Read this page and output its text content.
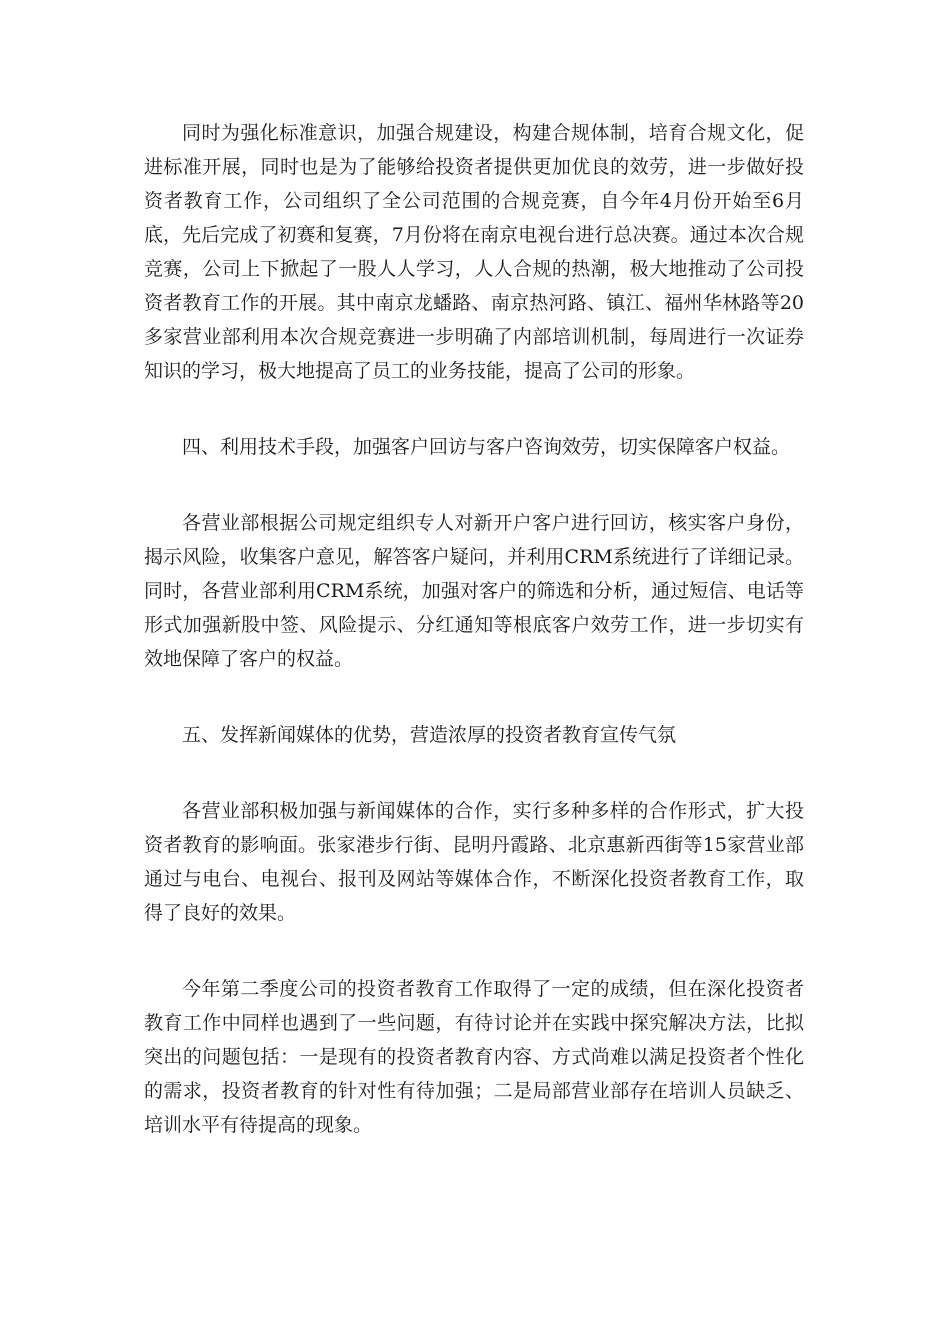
同时为强化标准意识，加强合规建设，构建合规体制，培育合规文化，促进标准开展，同时也是为了能够给投资者提供更加优良的效劳，进一步做好投资者教育工作，公司组织了全公司范围的合规竞赛，自今年4月份开始至6月底，先后完成了初赛和复赛，7月份将在南京电视台进行总决赛。通过本次合规竞赛，公司上下掀起了一股人人学习，人人合规的热潮，极大地推动了公司投资者教育工作的开展。其中南京龙蟠路、南京热河路、镇江、福州华林路等20多家营业部利用本次合规竞赛进一步明确了内部培训机制，每周进行一次证券知识的学习，极大地提高了员工的业务技能，提高了公司的形象。

四、利用技术手段，加强客户回访与客户咨询效劳，切实保障客户权益。

各营业部根据公司规定组织专人对新开户客户进行回访，核实客户身份，揭示风险，收集客户意见，解答客户疑问，并利用CRM系统进行了详细记录。同时，各营业部利用CRM系统，加强对客户的筛选和分析，通过短信、电话等形式加强新股中签、风险提示、分红通知等根底客户效劳工作，进一步切实有效地保障了客户的权益。

五、发挥新闻媒体的优势，营造浓厚的投资者教育宣传气氛

各营业部积极加强与新闻媒体的合作，实行多种多样的合作形式，扩大投资者教育的影响面。张家港步行街、昆明丹霞路、北京惠新西街等15家营业部通过与电台、电视台、报刊及网站等媒体合作，不断深化投资者教育工作，取得了良好的效果。

今年第二季度公司的投资者教育工作取得了一定的成绩，但在深化投资者教育工作中同样也遇到了一些问题，有待讨论并在实践中探究解决方法，比拟突出的问题包括：一是现有的投资者教育内容、方式尚难以满足投资者个性化的需求，投资者教育的针对性有待加强；二是局部营业部存在培训人员缺乏、培训水平有待提高的现象。
